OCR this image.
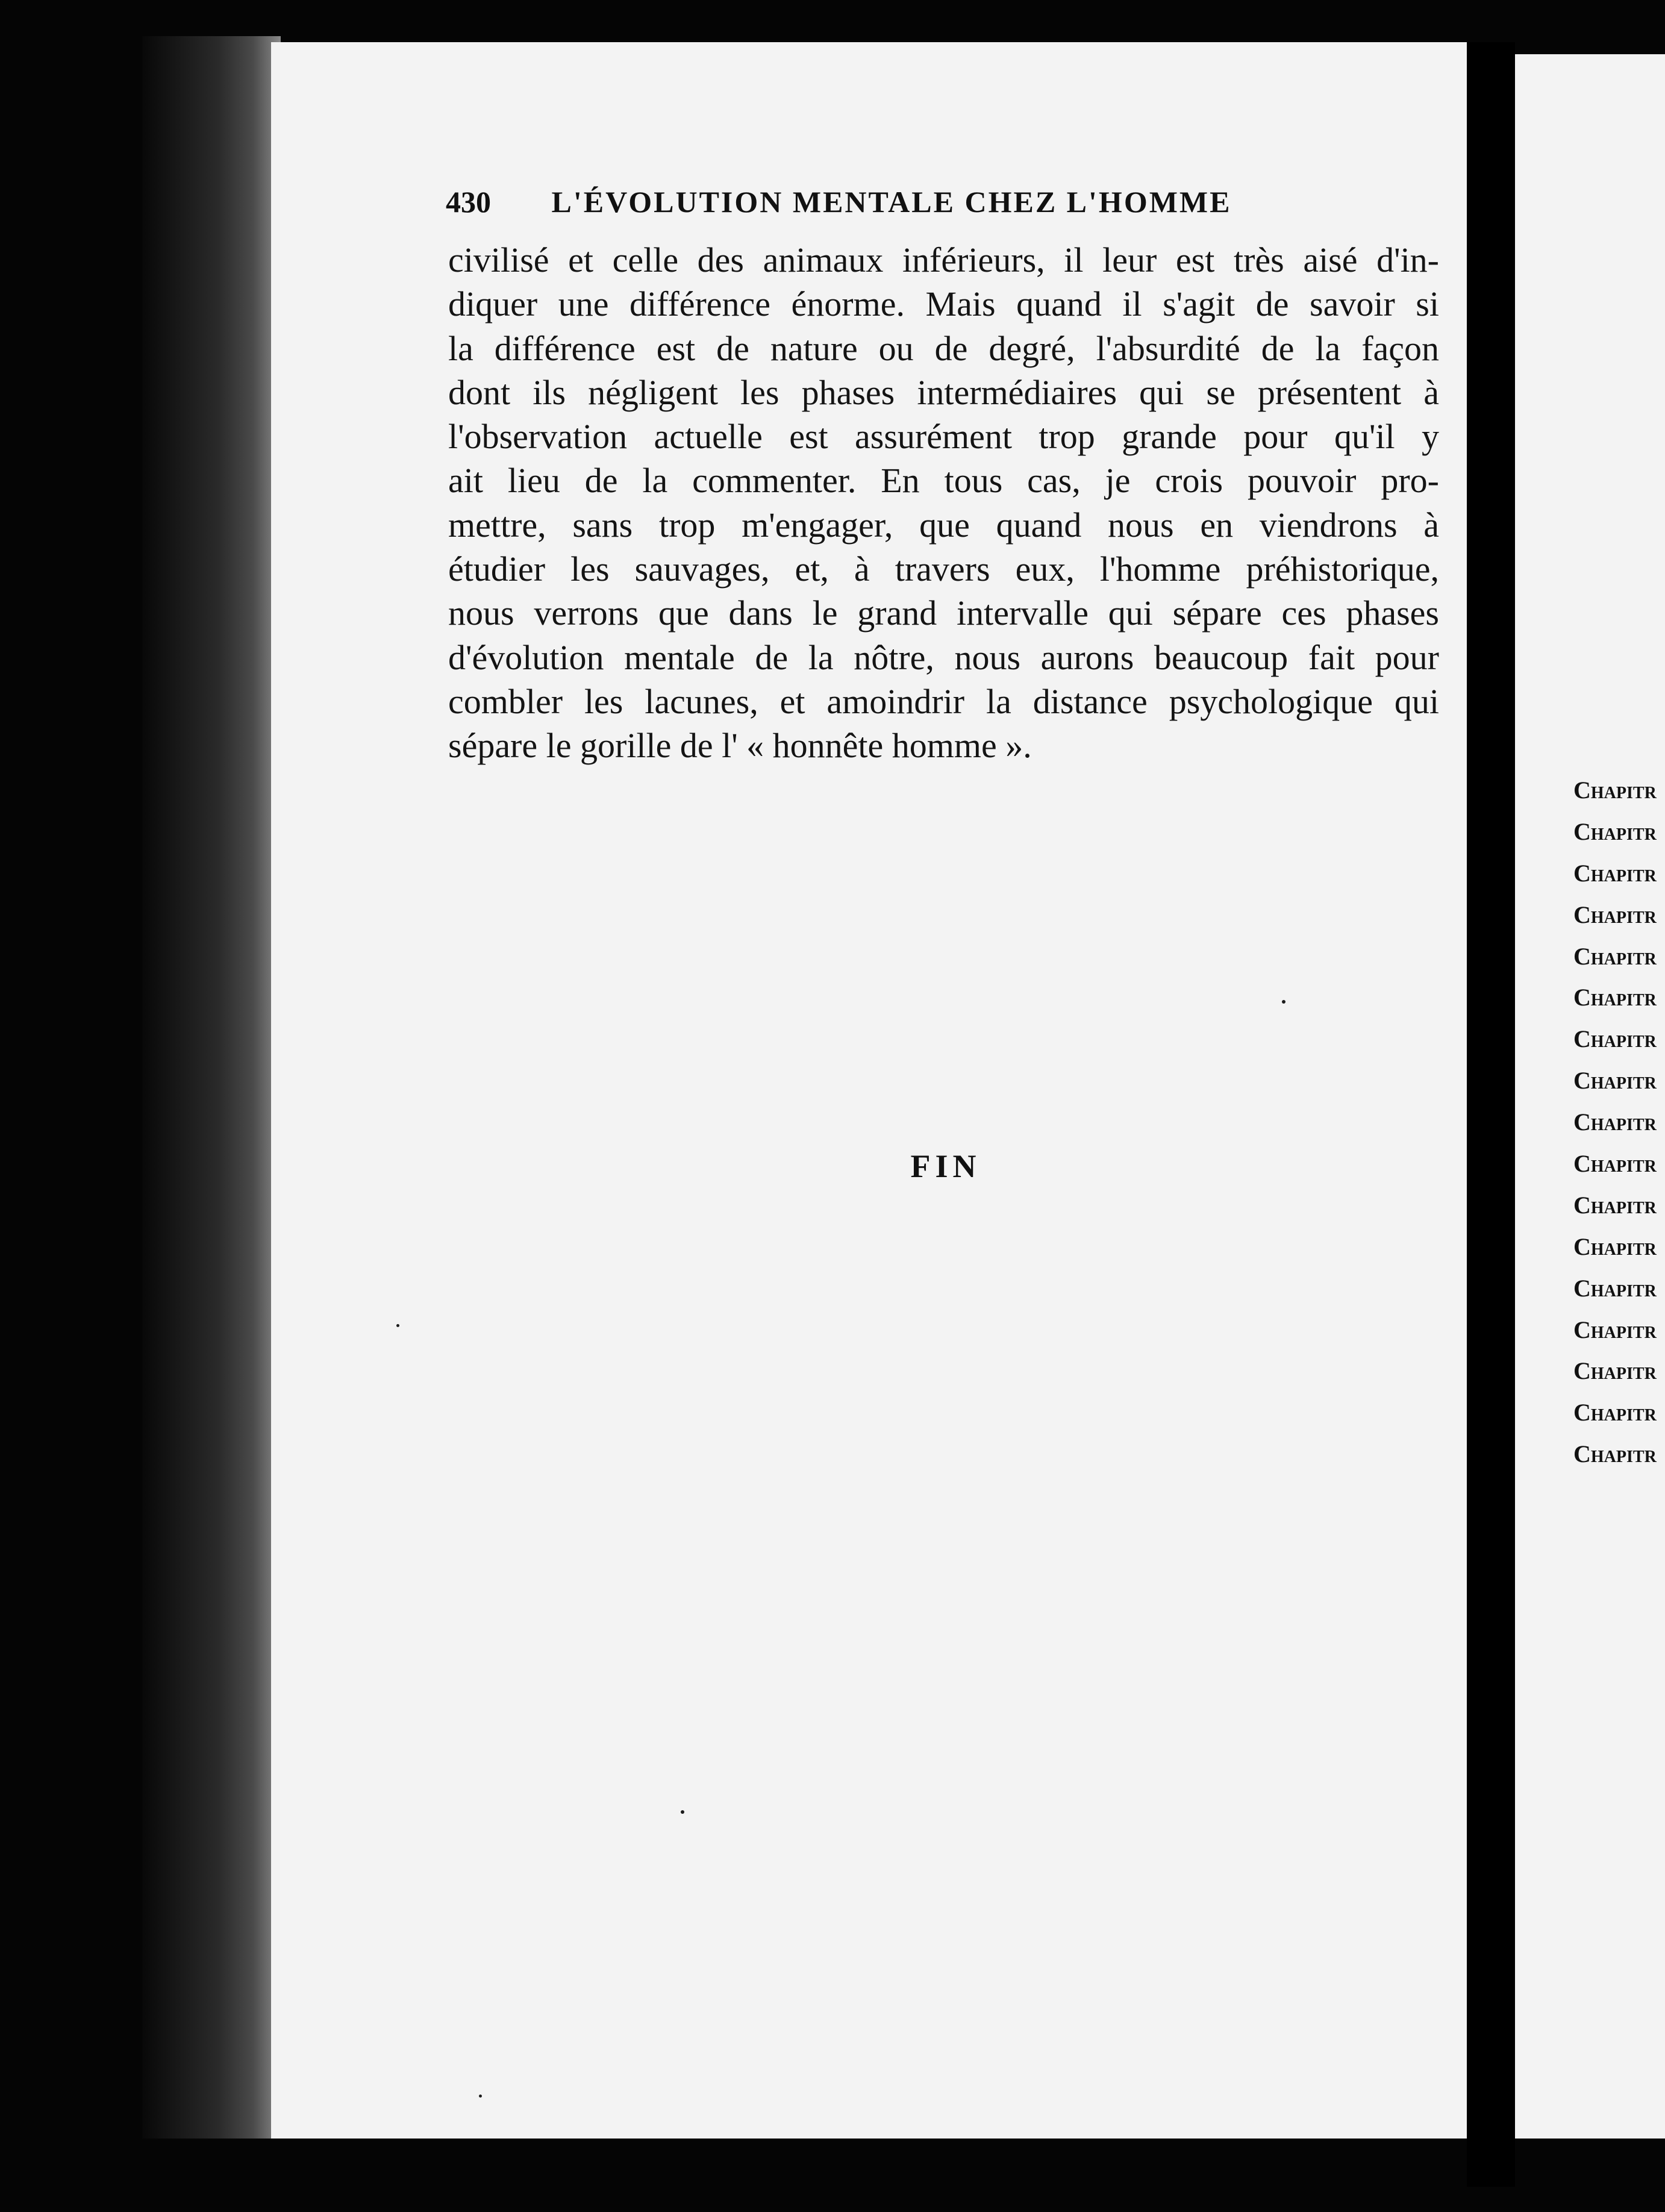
430	L'ÉVOLUTION MENTALE CHEZ L'HOMME
civilisé et celle des animaux inférieurs, il leur est très aisé d'in-
diquer une différence énorme. Mais quand il s'agit de savoir si
la différence est de nature ou de degré, l'absurdité de la façon
dont ils négligent les phases intermédiaires qui se présentent à
l'observation actuelle est assurément trop grande pour qu'il y
ait lieu de la commenter. En tous cas, je crois pouvoir pro-
mettre, sans trop m'engager, que quand nous en viendrons à
étudier les sauvages, et, à travers eux, l'homme préhistorique,
nous verrons que dans le grand intervalle qui sépare ces phases
d'évolution mentale de la nôtre, nous aurons beaucoup fait pour
combler les lacunes, et amoindrir la distance psychologique qui
sépare le gorille de l' « honnête homme ».
FIN
Chapitr
Chapitr
Chapitr
Chapitr
Chapitr
Chapitr
Chapitr
Chapitr
Chapitr
Chapitr
Chapitr
Chapitr
Chapitr
Chapitr
Chapitr
Chapitr
Chapitr
